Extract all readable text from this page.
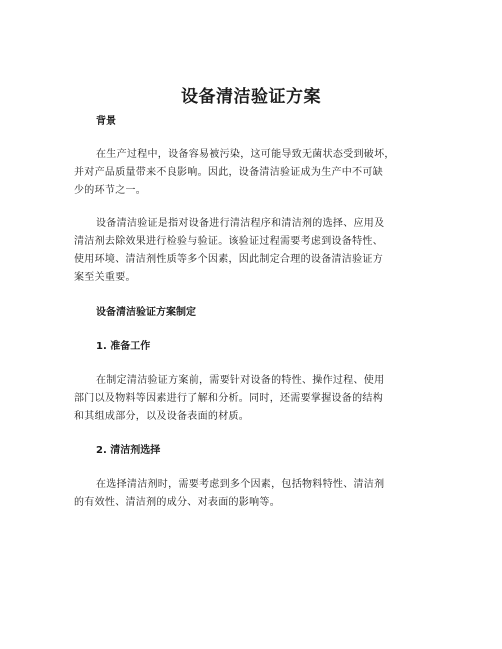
设备清洁验证方案
背景
在生产过程中，设备容易被污染，这可能导致无菌状态受到破坏，
并对产品质量带来不良影响。因此，设备清洁验证成为生产中不可缺
少的环节之一。
设备清洁验证是指对设备进行清洁程序和清洁剂的选择、应用及
清洁剂去除效果进行检验与验证。该验证过程需要考虑到设备特性、
使用环境、清洁剂性质等多个因素，因此制定合理的设备清洁验证方
案至关重要。
设备清洁验证方案制定
1. 准备工作
在制定清洁验证方案前，需要针对设备的特性、操作过程、使用
部门以及物料等因素进行了解和分析。同时，还需要掌握设备的结构
和其组成部分，以及设备表面的材质。
2. 清洁剂选择
在选择清洁剂时，需要考虑到多个因素，包括物料特性、清洁剂
的有效性、清洁剂的成分、对表面的影响等。
